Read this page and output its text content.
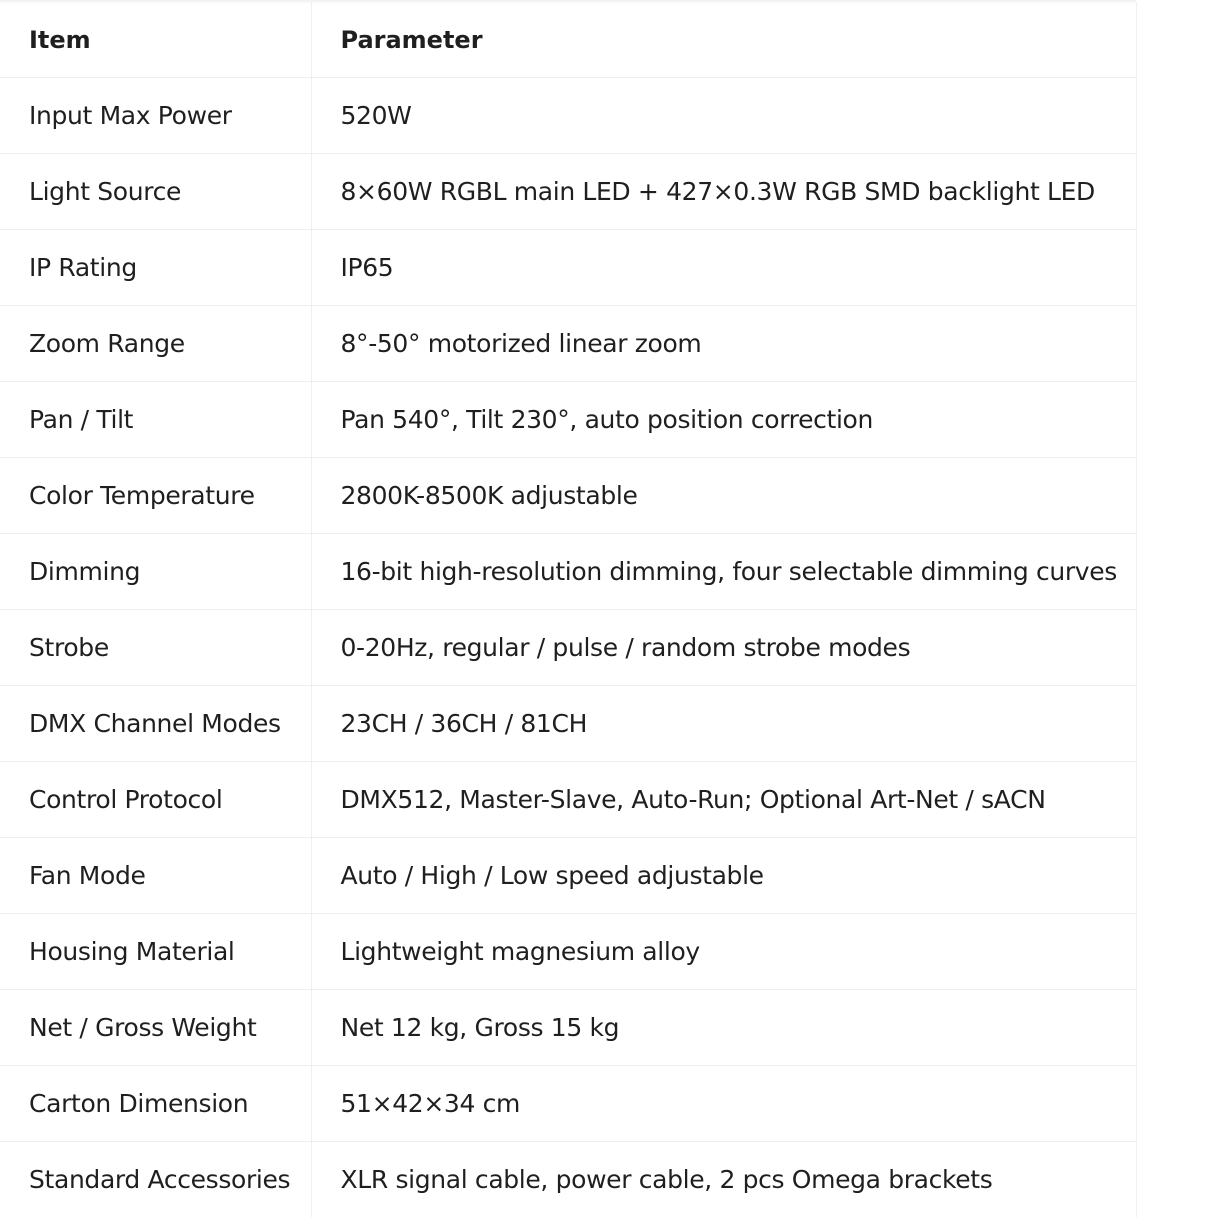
Item	Parameter
Input Max Power	520W
Light Source	8×60W RGBL main LED + 427×0.3W RGB SMD backlight LED
IP Rating	IP65
Zoom Range	8°-50° motorized linear zoom
Pan / Tilt	Pan 540°, Tilt 230°, auto position correction
Color Temperature	2800K-8500K adjustable
Dimming	16-bit high-resolution dimming, four selectable dimming curves
Strobe	0-20Hz, regular / pulse / random strobe modes
DMX Channel Modes	23CH / 36CH / 81CH
Control Protocol	DMX512, Master-Slave, Auto-Run; Optional Art-Net / sACN
Fan Mode	Auto / High / Low speed adjustable
Housing Material	Lightweight magnesium alloy
Net / Gross Weight	Net 12 kg, Gross 15 kg
Carton Dimension	51×42×34 cm
Standard Accessories	XLR signal cable, power cable, 2 pcs Omega brackets
